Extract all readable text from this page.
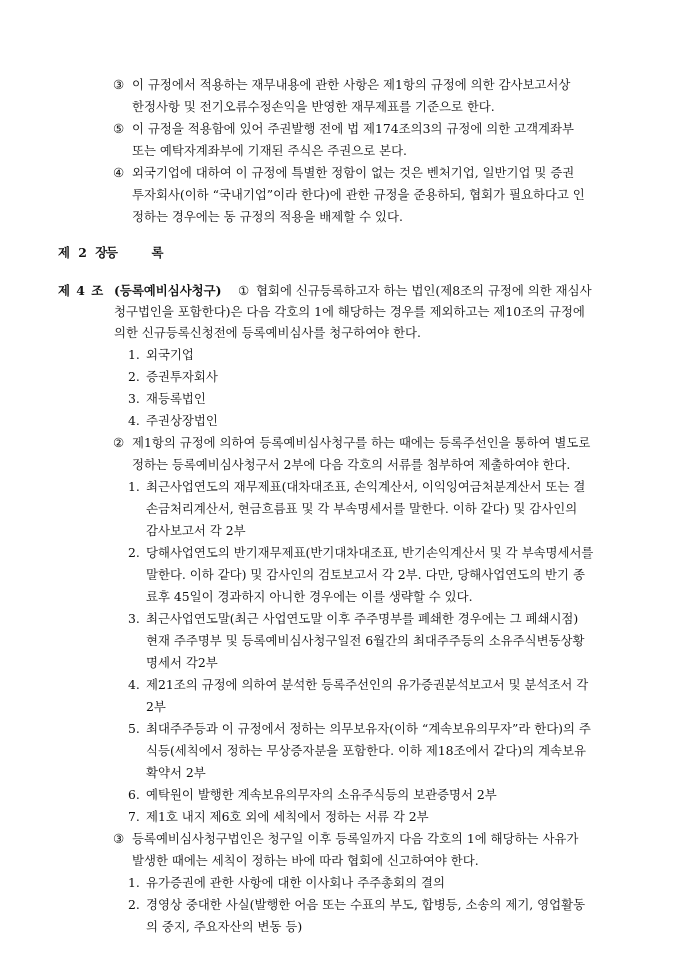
③ 이 규정에서 적용하는 재무내용에 관한 사항은 제1항의 규정에 의한 감사보고서상
한정사항 및 전기오류수정손익을 반영한 재무제표를 기준으로 한다.
⑤ 이 규정을 적용함에 있어 주권발행 전에 법 제174조의3의 규정에 의한 고객계좌부
또는 예탁자계좌부에 기재된 주식은 주권으로 본다.
④ 외국기업에 대하여 이 규정에 특별한 정함이 없는 것은 벤처기업, 일반기업 및 증권
투자회사(이하 “국내기업”이라 한다)에 관한 규정을 준용하되, 협회가 필요하다고 인
정하는 경우에는 동 규정의 적용을 배제할 수 있다.
제 2 장
등     록
제 4 조 (등록예비심사청구) ① 협회에 신규등록하고자 하는 법인(제8조의 규정에 의한 재심사
청구법인을 포함한다)은 다음 각호의 1에 해당하는 경우를 제외하고는 제10조의 규정에
의한 신규등록신청전에 등록예비심사를 청구하여야 한다.
1. 외국기업
2. 증권투자회사
3. 재등록법인
4. 주권상장법인
② 제1항의 규정에 의하여 등록예비심사청구를 하는 때에는 등록주선인을 통하여 별도로
정하는 등록예비심사청구서 2부에 다음 각호의 서류를 첨부하여 제출하여야 한다.
1. 최근사업연도의 재무제표(대차대조표, 손익계산서, 이익잉여금처분계산서 또는 결
손금처리계산서, 현금흐름표 및 각 부속명세서를 말한다. 이하 같다) 및 감사인의
감사보고서 각 2부
2. 당해사업연도의 반기재무제표(반기대차대조표, 반기손익계산서 및 각 부속명세서를
말한다. 이하 같다) 및 감사인의 검토보고서 각 2부. 다만, 당해사업연도의 반기 종
료후 45일이 경과하지 아니한 경우에는 이를 생략할 수 있다.
3. 최근사업연도말(최근 사업연도말 이후 주주명부를 폐쇄한 경우에는 그 폐쇄시점)
현재 주주명부 및 등록예비심사청구일전 6월간의 최대주주등의 소유주식변동상황
명세서 각2부
4. 제21조의 규정에 의하여 분석한 등록주선인의 유가증권분석보고서 및 분석조서 각
2부
5. 최대주주등과 이 규정에서 정하는 의무보유자(이하 “계속보유의무자”라 한다)의 주
식등(세칙에서 정하는 무상증자분을 포함한다. 이하 제18조에서 같다)의 계속보유
확약서 2부
6. 예탁원이 발행한 계속보유의무자의 소유주식등의 보관증명서 2부
7. 제1호 내지 제6호 외에 세칙에서 정하는 서류 각 2부
③ 등록예비심사청구법인은 청구일 이후 등록일까지 다음 각호의 1에 해당하는 사유가
발생한 때에는 세칙이 정하는 바에 따라 협회에 신고하여야 한다.
1. 유가증권에 관한 사항에 대한 이사회나 주주총회의 결의
2. 경영상 중대한 사실(발행한 어음 또는 수표의 부도, 합병등, 소송의 제기, 영업활동
의 중지, 주요자산의 변동 등)
